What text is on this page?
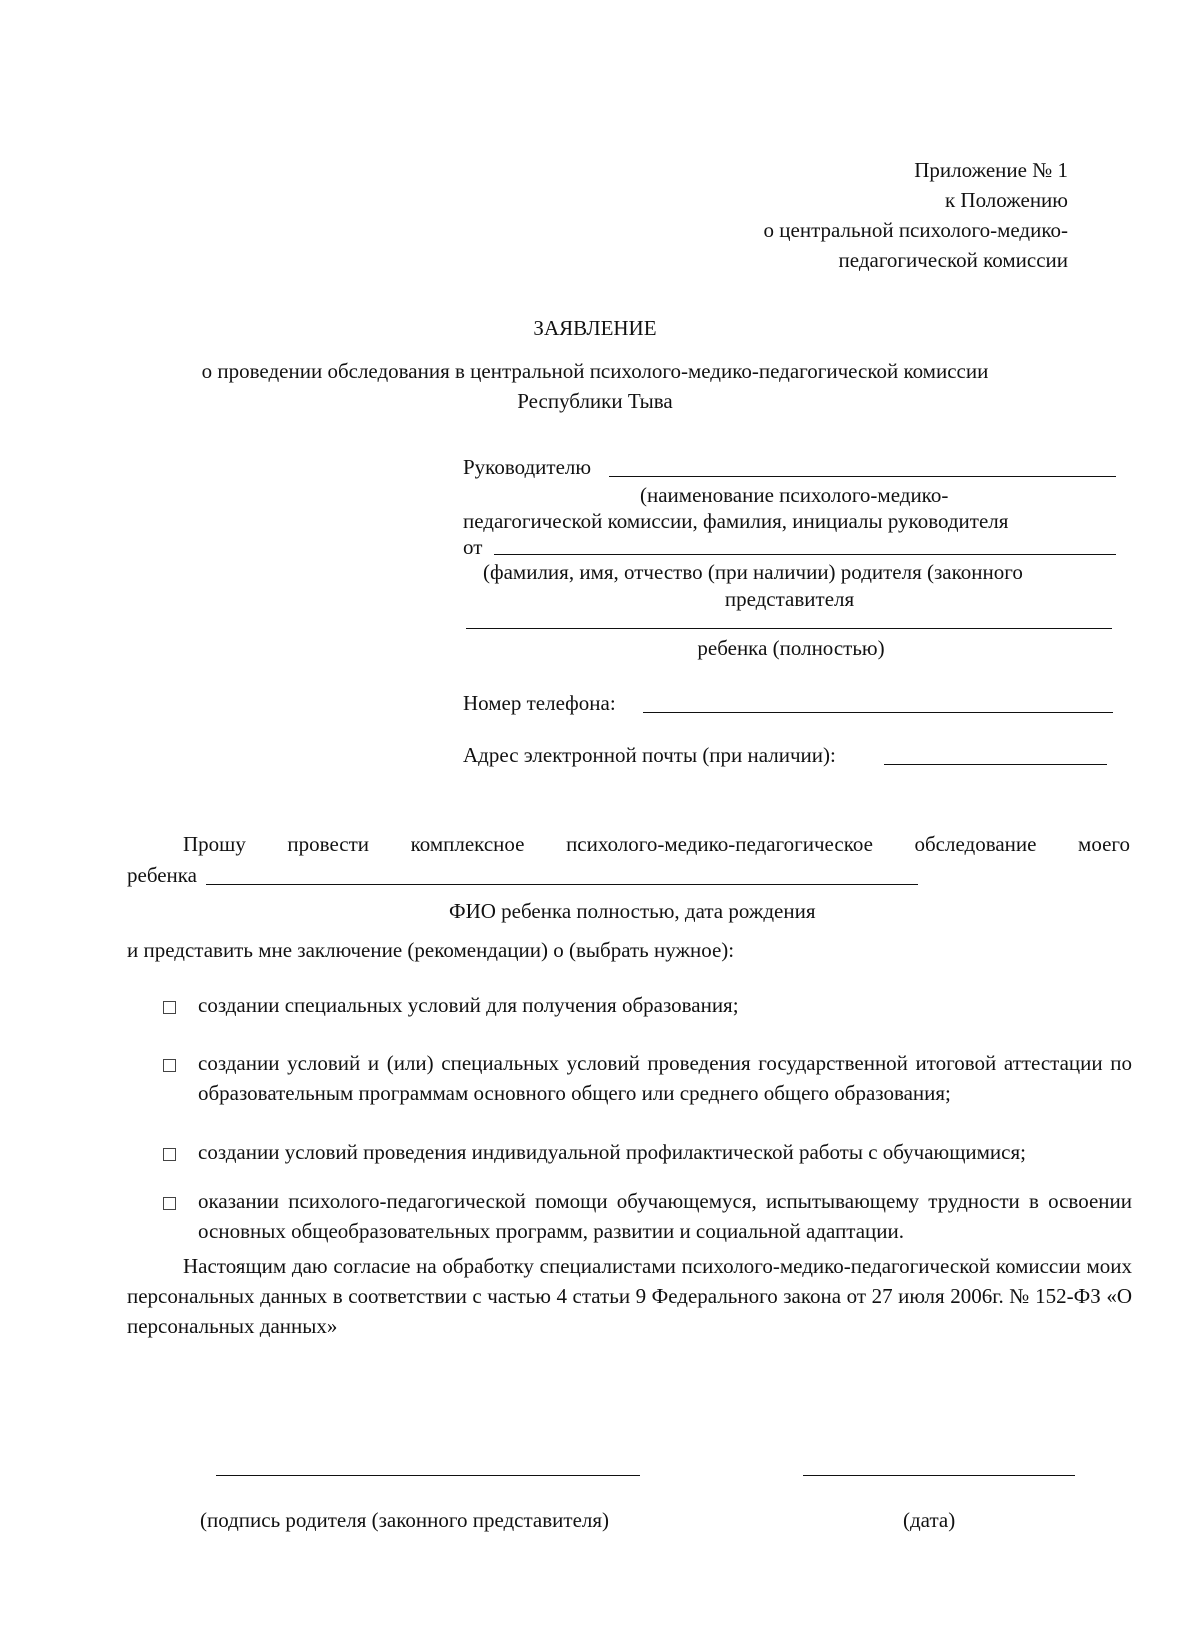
Приложение № 1
к Положению
о центральной психолого-медико-
педагогической комиссии
ЗАЯВЛЕНИЕ
о проведении обследования в центральной психолого-медико-педагогической комиссии
Республики Тыва
Руководителю
(наименование психолого-медико-
педагогической комиссии, фамилия, инициалы руководителя
от
(фамилия, имя, отчество (при наличии) родителя (законного
представителя
ребенка (полностью)
Номер телефона:
Адрес электронной почты (при наличии):
Прошу провести комплексное психолого-медико-педагогическое обследование моего
ребенка
ФИО ребенка полностью, дата рождения
и представить мне заключение (рекомендации) о (выбрать нужное):
создании специальных условий для получения образования;
создании условий и (или) специальных условий проведения государственной итоговой аттестации по образовательным программам основного общего или среднего общего образования;
создании условий проведения индивидуальной профилактической работы с обучающимися;
оказании психолого-педагогической помощи обучающемуся, испытывающему трудности в освоении основных общеобразовательных программ, развитии и социальной адаптации.
Настоящим даю согласие на обработку специалистами психолого-медико-педагогической комиссии моих персональных данных в соответствии с частью 4 статьи 9 Федерального закона от 27 июля 2006г. № 152-ФЗ «О персональных данных»
(подпись родителя (законного представителя)	(дата)
